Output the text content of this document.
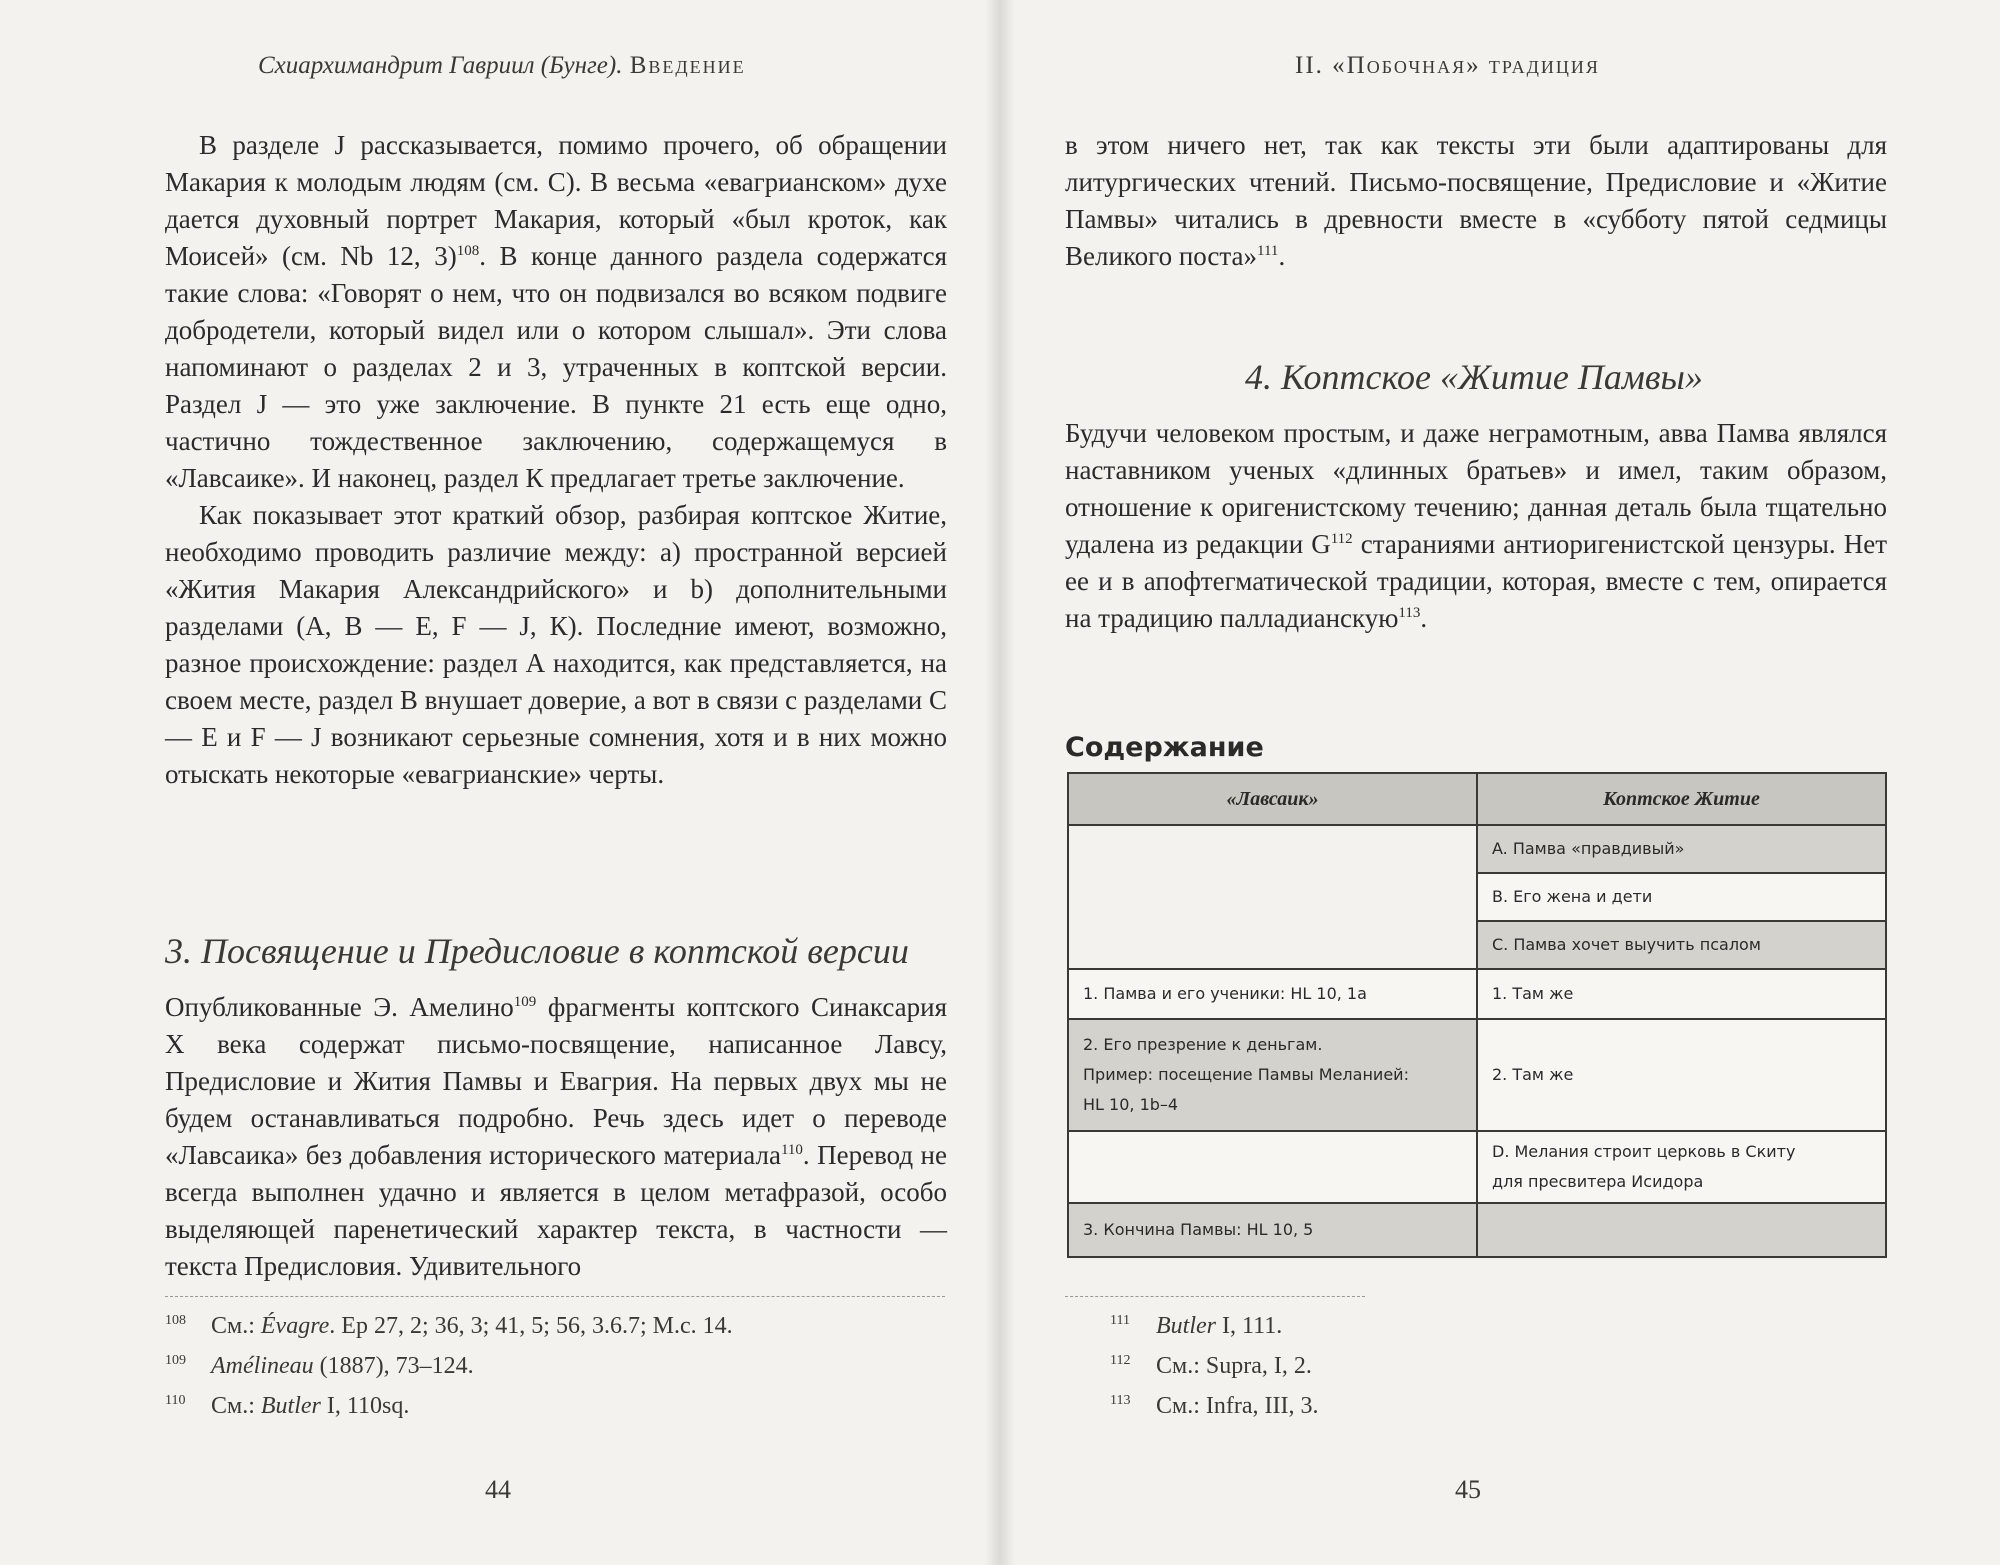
Схиархимандрит Гавриил (Бунге). Введение

В разделе J рассказывается, помимо прочего, об обращении Макария к молодым людям (см. С). В весьма «евагрианском» духе дается духовный портрет Макария, который «был кроток, как Моисей» (см. Nb 12, 3)$^{108}$. В конце данного раздела содержатся такие слова: «Говорят о нем, что он подвизался во всяком подвиге добродетели, который видел или о котором слышал». Эти слова напоминают о разделах 2 и 3, утраченных в коптской версии. Раздел J — это уже заключение. В пункте 21 есть еще одно, частично тождественное заключению, содержащемуся в «Лавсаике». И наконец, раздел К предлагает третье заключение.

Как показывает этот краткий обзор, разбирая коптское Житие, необходимо проводить различие между: a) пространной версией «Жития Макария Александрийского» и b) дополнительными разделами (А, В — Е, F — J, К). Последние имеют, возможно, разное происхождение: раздел А находится, как представляется, на своем месте, раздел В внушает доверие, а вот в связи с разделами С — Е и F — J возникают серьезные сомнения, хотя и в них можно отыскать некоторые «евагрианские» черты.

3. Посвящение и Предисловие в коптской версии

Опубликованные Э. Амелино$^{109}$ фрагменты коптского Синаксария X века содержат письмо-посвящение, написанное Лавсу, Предисловие и Жития Памвы и Евагрия. На первых двух мы не будем останавливаться подробно. Речь здесь идет о переводе «Лавсаика» без добавления исторического материала$^{110}$. Перевод не всегда выполнен удачно и является в целом метафразой, особо выделяющей паренетический характер текста, в частности — текста Предисловия. Удивительного

108 См.: Évagre. Ep 27, 2; 36, 3; 41, 5; 56, 3.6.7; M.c. 14.
109 Amélineau (1887), 73–124.
110 См.: Butler I, 110sq.
44
II. «Побочная» традиция

в этом ничего нет, так как тексты эти были адаптированы для литургических чтений. Письмо-посвящение, Предисловие и «Житие Памвы» читались в древности вместе в «субботу пятой седмицы Великого поста»$^{111}$.

4. Коптское «Житие Памвы»

Будучи человеком простым, и даже неграмотным, авва Памва являлся наставником ученых «длинных братьев» и имел, таким образом, отношение к оригенистскому течению; данная деталь была тщательно удалена из редакции $G^{112}$ стараниями антиоригенистской цензуры. Нет ее и в апофтегматической традиции, которая, вместе с тем, опирается на традицию палладианскую$^{113}$.

Содержание
«Лавсаик»	Коптское Житие
	A. Памва «правдивый»
	B. Его жена и дети
	C. Памва хочет выучить псалом
1. Памва и его ученики: HL 10, 1a	1. Там же

2. Его презрение к деньгам.
Пример: посещение Памвы Меланией:
HL 10, 1b–4	2. Там же

	D. Мелания строит церковь в Скиту
для пресвитера Исидора

3. Кончина Памвы: HL 10, 5	
111 Butler I, 111.
112 См.: Supra, I, 2.
113 См.: Infra, III, 3.
45
